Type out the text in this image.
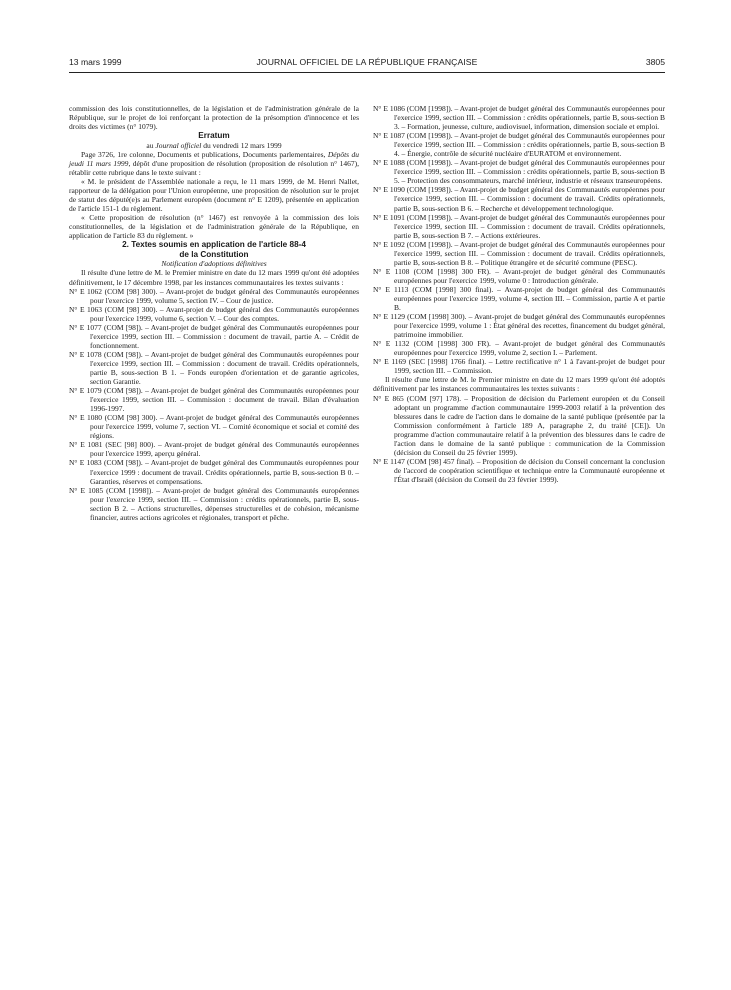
13 mars 1999	JOURNAL OFFICIEL DE LA RÉPUBLIQUE FRANÇAISE	3805

commission des lois constitutionnelles, de la législation et de l'administration générale de la République, sur le projet de loi renforçant la protection de la présomption d'innocence et les droits des victimes (n° 1079).

Erratum

au Journal officiel du vendredi 12 mars 1999

Page 3726, 1re colonne, Documents et publications, Documents parlementaires, Dépôts du jeudi 11 mars 1999, dépôt d'une proposition de résolution (proposition de résolution n° 1467), rétablir cette rubrique dans le texte suivant :

« M. le président de l'Assemblée nationale a reçu, le 11 mars 1999, de M. Henri Nallet, rapporteur de la délégation pour l'Union européenne, une proposition de résolution sur le projet de statut des député(e)s au Parlement européen (document n° E 1209), présentée en application de l'article 151-1 du règlement.

« Cette proposition de résolution (n° 1467) est renvoyée à la commission des lois constitutionnelles, de la législation et de l'administration générale de la République, en application de l'article 83 du règlement. »

2. Textes soumis en application de l'article 88-4

de la Constitution

Notification d'adoptions définitives

Il résulte d'une lettre de M. le Premier ministre en date du 12 mars 1999 qu'ont été adoptées définitivement, le 17 décembre 1998, par les instances communautaires les textes suivants :

N° E 1062 (COM [98] 300). – Avant-projet de budget général des Communautés européennes pour l'exercice 1999, volume 5, section IV. – Cour de justice.

N° E 1063 (COM [98] 300). – Avant-projet de budget général des Communautés européennes pour l'exercice 1999, volume 6, section V. – Cour des comptes.

N° E 1077 (COM [98]). – Avant-projet de budget général des Communautés européennes pour l'exercice 1999, section III. – Commission : document de travail, partie A. – Crédit de fonctionnement.

N° E 1078 (COM [98]). – Avant-projet de budget général des Communautés européennes pour l'exercice 1999, section III. – Commission : document de travail. Crédits opérationnels, partie B, sous-section B 1. – Fonds européen d'orientation et de garantie agricoles, section Garantie.

N° E 1079 (COM [98]). – Avant-projet de budget général des Communautés européennes pour l'exercice 1999, section III. – Commission : document de travail. Bilan d'évaluation 1996-1997.

N° E 1080 (COM [98] 300). – Avant-projet de budget général des Communautés européennes pour l'exercice 1999, volume 7, section VI. – Comité économique et social et comité des régions.

N° E 1081 (SEC [98] 800). – Avant-projet de budget général des Communautés européennes pour l'exercice 1999, aperçu général.

N° E 1083 (COM [98]). – Avant-projet de budget général des Communautés européennes pour l'exercice 1999 : document de travail. Crédits opérationnels, partie B, sous-section B 0. – Garanties, réserves et compensations.

N° E 1085 (COM [1998]). – Avant-projet de budget général des Communautés européennes pour l'exercice 1999, section III. – Commission : crédits opérationnels, partie B, sous-section B 2. – Actions structurelles, dépenses structurelles et de cohésion, mécanisme financier, autres actions agricoles et régionales, transport et pêche.

N° E 1086 (COM [1998]). – Avant-projet de budget général des Communautés européennes pour l'exercice 1999, section III. – Commission : crédits opérationnels, partie B, sous-section B 3. – Formation, jeunesse, culture, audiovisuel, information, dimension sociale et emploi.

N° E 1087 (COM [1998]). – Avant-projet de budget général des Communautés européennes pour l'exercice 1999, section III. – Commission : crédits opérationnels, partie B, sous-section B 4. – Énergie, contrôle de sécurité nucléaire d'EURATOM et environnement.

N° E 1088 (COM [1998]). – Avant-projet de budget général des Communautés européennes pour l'exercice 1999, section III. – Commission : crédits opérationnels, partie B, sous-section B 5. – Protection des consommateurs, marché intérieur, industrie et réseaux transeuropéens.

N° E 1090 (COM [1998]). – Avant-projet de budget général des Communautés européennes pour l'exercice 1999, section III. – Commission : document de travail. Crédits opérationnels, partie B, sous-section B 6. – Recherche et développement technologique.

N° E 1091 (COM [1998]). – Avant-projet de budget général des Communautés européennes pour l'exercice 1999, section III. – Commission : document de travail. Crédits opérationnels, partie B, sous-section B 7. – Actions extérieures.

N° E 1092 (COM [1998]). – Avant-projet de budget général des Communautés européennes pour l'exercice 1999, section III. – Commission : document de travail. Crédits opérationnels, partie B, sous-section B 8. – Politique étrangère et de sécurité commune (PESC).

N° E 1108 (COM [1998] 300 FR). – Avant-projet de budget général des Communautés européennes pour l'exercice 1999, volume 0 : Introduction générale.

N° E 1113 (COM [1998] 300 final). – Avant-projet de budget général des Communautés européennes pour l'exercice 1999, volume 4, section III. – Commission, partie A et partie B.

N° E 1129 (COM [1998] 300). – Avant-projet de budget général des Communautés européennes pour l'exercice 1999, volume 1 : État général des recettes, financement du budget général, patrimoine immobilier.

N° E 1132 (COM [1998] 300 FR). – Avant-projet de budget général des Communautés européennes pour l'exercice 1999, volume 2, section I. – Parlement.

N° E 1169 (SEC [1998] 1766 final). – Lettre rectificative n° 1 à l'avant-projet de budget pour 1999, section III. – Commission.

Il résulte d'une lettre de M. le Premier ministre en date du 12 mars 1999 qu'ont été adoptés définitivement par les instances communautaires les textes suivants :

N° E 865 (COM [97] 178). – Proposition de décision du Parlement européen et du Conseil adoptant un programme d'action communautaire 1999-2003 relatif à la prévention des blessures dans le cadre de l'action dans le domaine de la santé publique (présentée par la Commission conformément à l'article 189 A, paragraphe 2, du traité [CE]). Un programme d'action communautaire relatif à la prévention des blessures dans le cadre de l'action dans le domaine de la santé publique : communication de la Commission (décision du Conseil du 25 février 1999).

N° E 1147 (COM [98] 457 final). – Proposition de décision du Conseil concernant la conclusion de l'accord de coopération scientifique et technique entre la Communauté européenne et l'État d'Israël (décision du Conseil du 23 février 1999).
